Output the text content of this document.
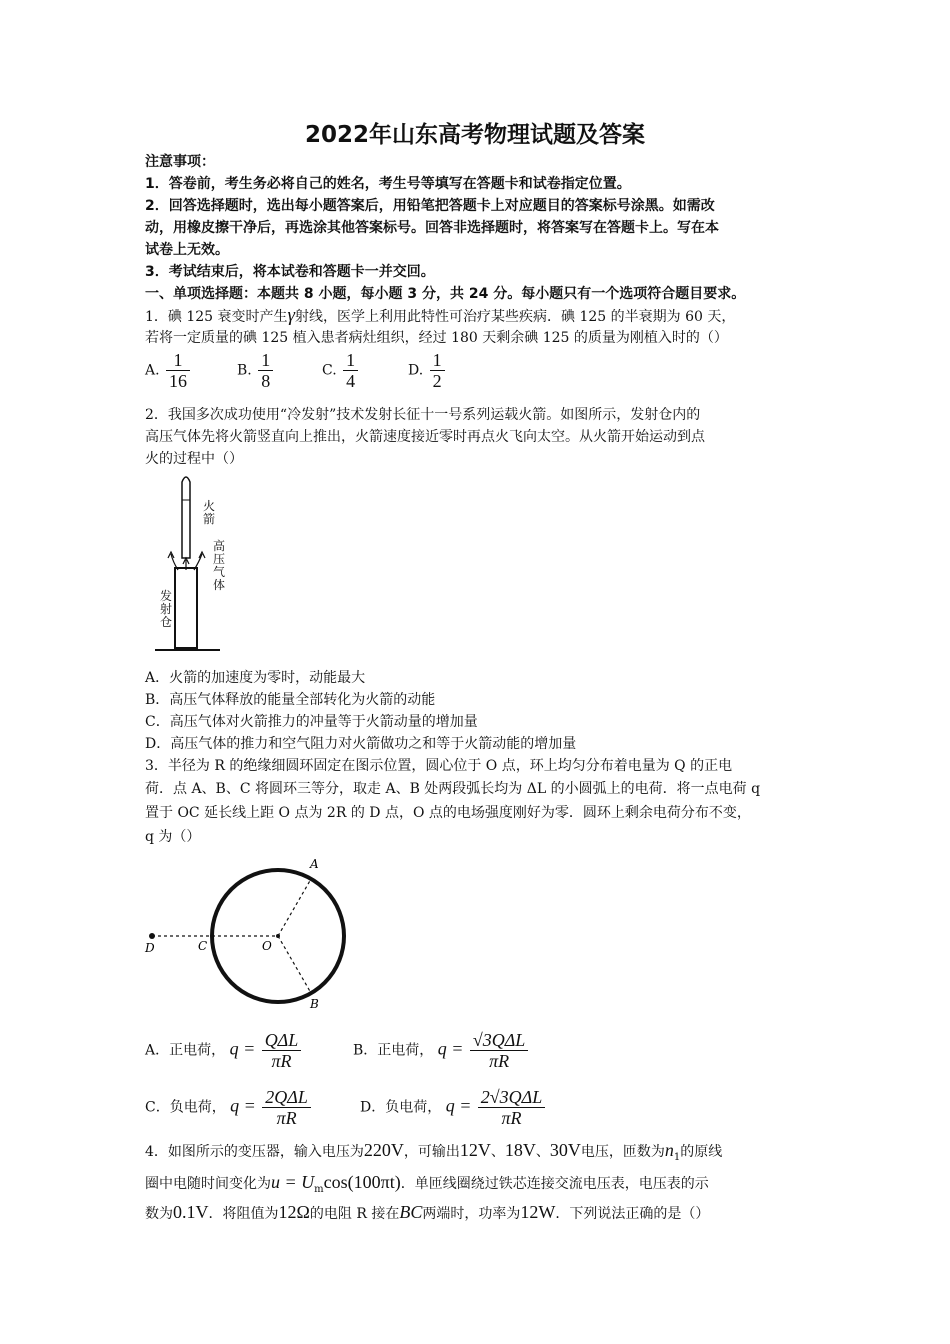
2022年山东高考物理试题及答案
注意事项：
1．答卷前，考生务必将自己的姓名，考生号等填写在答题卡和试卷指定位置。
2．回答选择题时，选出每小题答案后，用铅笔把答题卡上对应题目的答案标号涂黑。如需改
动，用橡皮擦干净后，再选涂其他答案标号。回答非选择题时，将答案写在答题卡上。写在本
试卷上无效。
3．考试结束后，将本试卷和答题卡一并交回。
一、单项选择题：本题共 8 小题，每小题 3 分，共 24 分。每小题只有一个选项符合题目要求。
1．碘 125 衰变时产生γ射线，医学上利用此特性可治疗某些疾病．碘 125 的半衰期为 60 天，
若将一定质量的碘 125 植入患者病灶组织，经过 180 天剩余碘 125 的质量为刚植入时的（）
A. $\frac{1}{16}$	B. $\frac{1}{8}$	C. $\frac{1}{4}$	D. $\frac{1}{2}$
2．我国多次成功使用“冷发射”技术发射长征十一号系列运载火箭。如图所示，发射仓内的
高压气体先将火箭竖直向上推出，火箭速度接近零时再点火飞向太空。从火箭开始运动到点
火的过程中（）
火箭
高压气体
发射仓
A．火箭的加速度为零时，动能最大
B．高压气体释放的能量全部转化为火箭的动能
C．高压气体对火箭推力的冲量等于火箭动量的增加量
D．高压气体的推力和空气阻力对火箭做功之和等于火箭动能的增加量
3．半径为 R 的绝缘细圆环固定在图示位置，圆心位于 O 点，环上均匀分布着电量为 Q 的正电
荷．点 A、B、C 将圆环三等分，取走 A、B 处两段弧长均为 ΔL 的小圆弧上的电荷．将一点电荷 q
置于 OC 延长线上距 O 点为 2R 的 D 点，O 点的电场强度刚好为零．圆环上剩余电荷分布不变，
q 为（）
D	C	O
A
B
A．正电荷， $q = \frac{\text{QΔL}}{\pi R}$	B．正电荷， $q = \frac{\text{√3QΔL}}{\pi R}$
C．负电荷， $q = \frac{\text{2QΔL}}{\pi R}$	D．负电荷， $q = \frac{\text{2√3QΔL}}{\pi R}$
4．如图所示的变压器，输入电压为220V，可输出12V、18V、30V电压，匝数为$n_1$的原线
圈中电随时间变化为$u = U_m\cos(100\pi t)$．单匝线圈绕过铁芯连接交流电压表，电压表的示
数为0.1V．将阻值为12Ω的电阻 R 接在BC两端时，功率为12W．下列说法正确的是（）
